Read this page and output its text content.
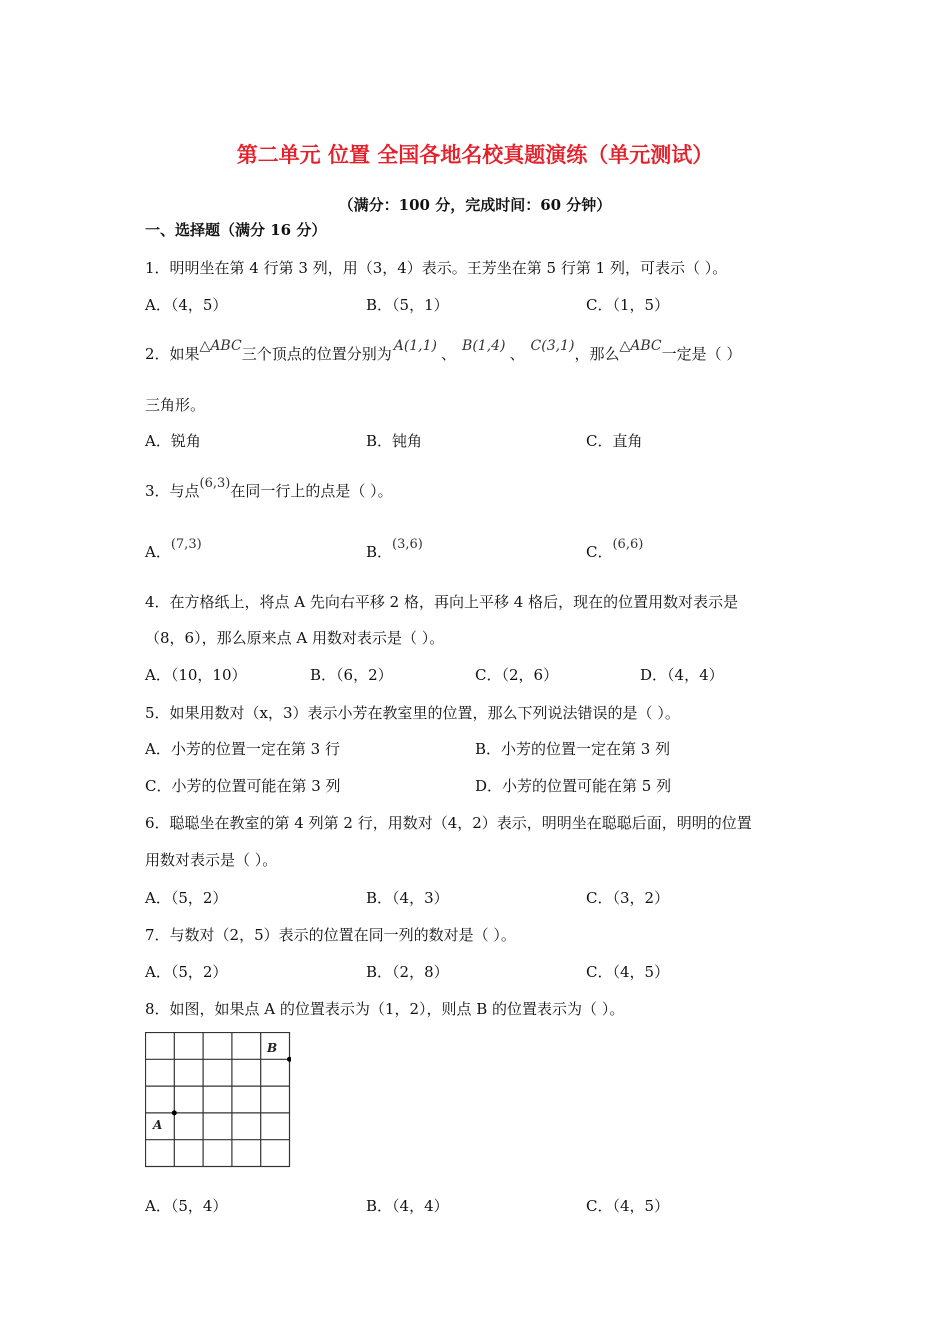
第二单元 位置 全国各地名校真题演练（单元测试）
（满分：100 分，完成时间：60 分钟）
一、选择题（满分 16 分）
1．明明坐在第 4 行第 3 列，用（3，4）表示。王芳坐在第 5 行第 1 列，可表示（ ）。
A．（4，5）	B．（5，1）	C．（1，5）
2．如果△ABC三个顶点的位置分别为 A(1,1) 、 B(1,4) 、 C(3,1)，那么△ABC一定是（ ）
三角形。
A．锐角	B．钝角	C．直角
3．与点(6,3)在同一行上的点是（ ）。
A．(7,3)	B．(3,6)	C．(6,6)
4．在方格纸上，将点 A 先向右平移 2 格，再向上平移 4 格后，现在的位置用数对表示是
（8，6），那么原来点 A 用数对表示是（ ）。
A．（10，10）	B．（6，2）	C．（2，6）	D．（4，4）
5．如果用数对（x，3）表示小芳在教室里的位置，那么下列说法错误的是（ ）。
A．小芳的位置一定在第 3 行	B．小芳的位置一定在第 3 列
C．小芳的位置可能在第 3 列	D．小芳的位置可能在第 5 列
6．聪聪坐在教室的第 4 列第 2 行，用数对（4，2）表示，明明坐在聪聪后面，明明的位置
用数对表示是（ ）。
A．（5，2）	B．（4，3）	C．（3，2）
7．与数对（2，5）表示的位置在同一列的数对是（ ）。
A．（5，2）	B．（2，8）	C．（4，5）
8．如图，如果点 A 的位置表示为（1，2），则点 B 的位置表示为（ ）。
A
B
A．（5，4）	B．（4，4）	C．（4，5）
